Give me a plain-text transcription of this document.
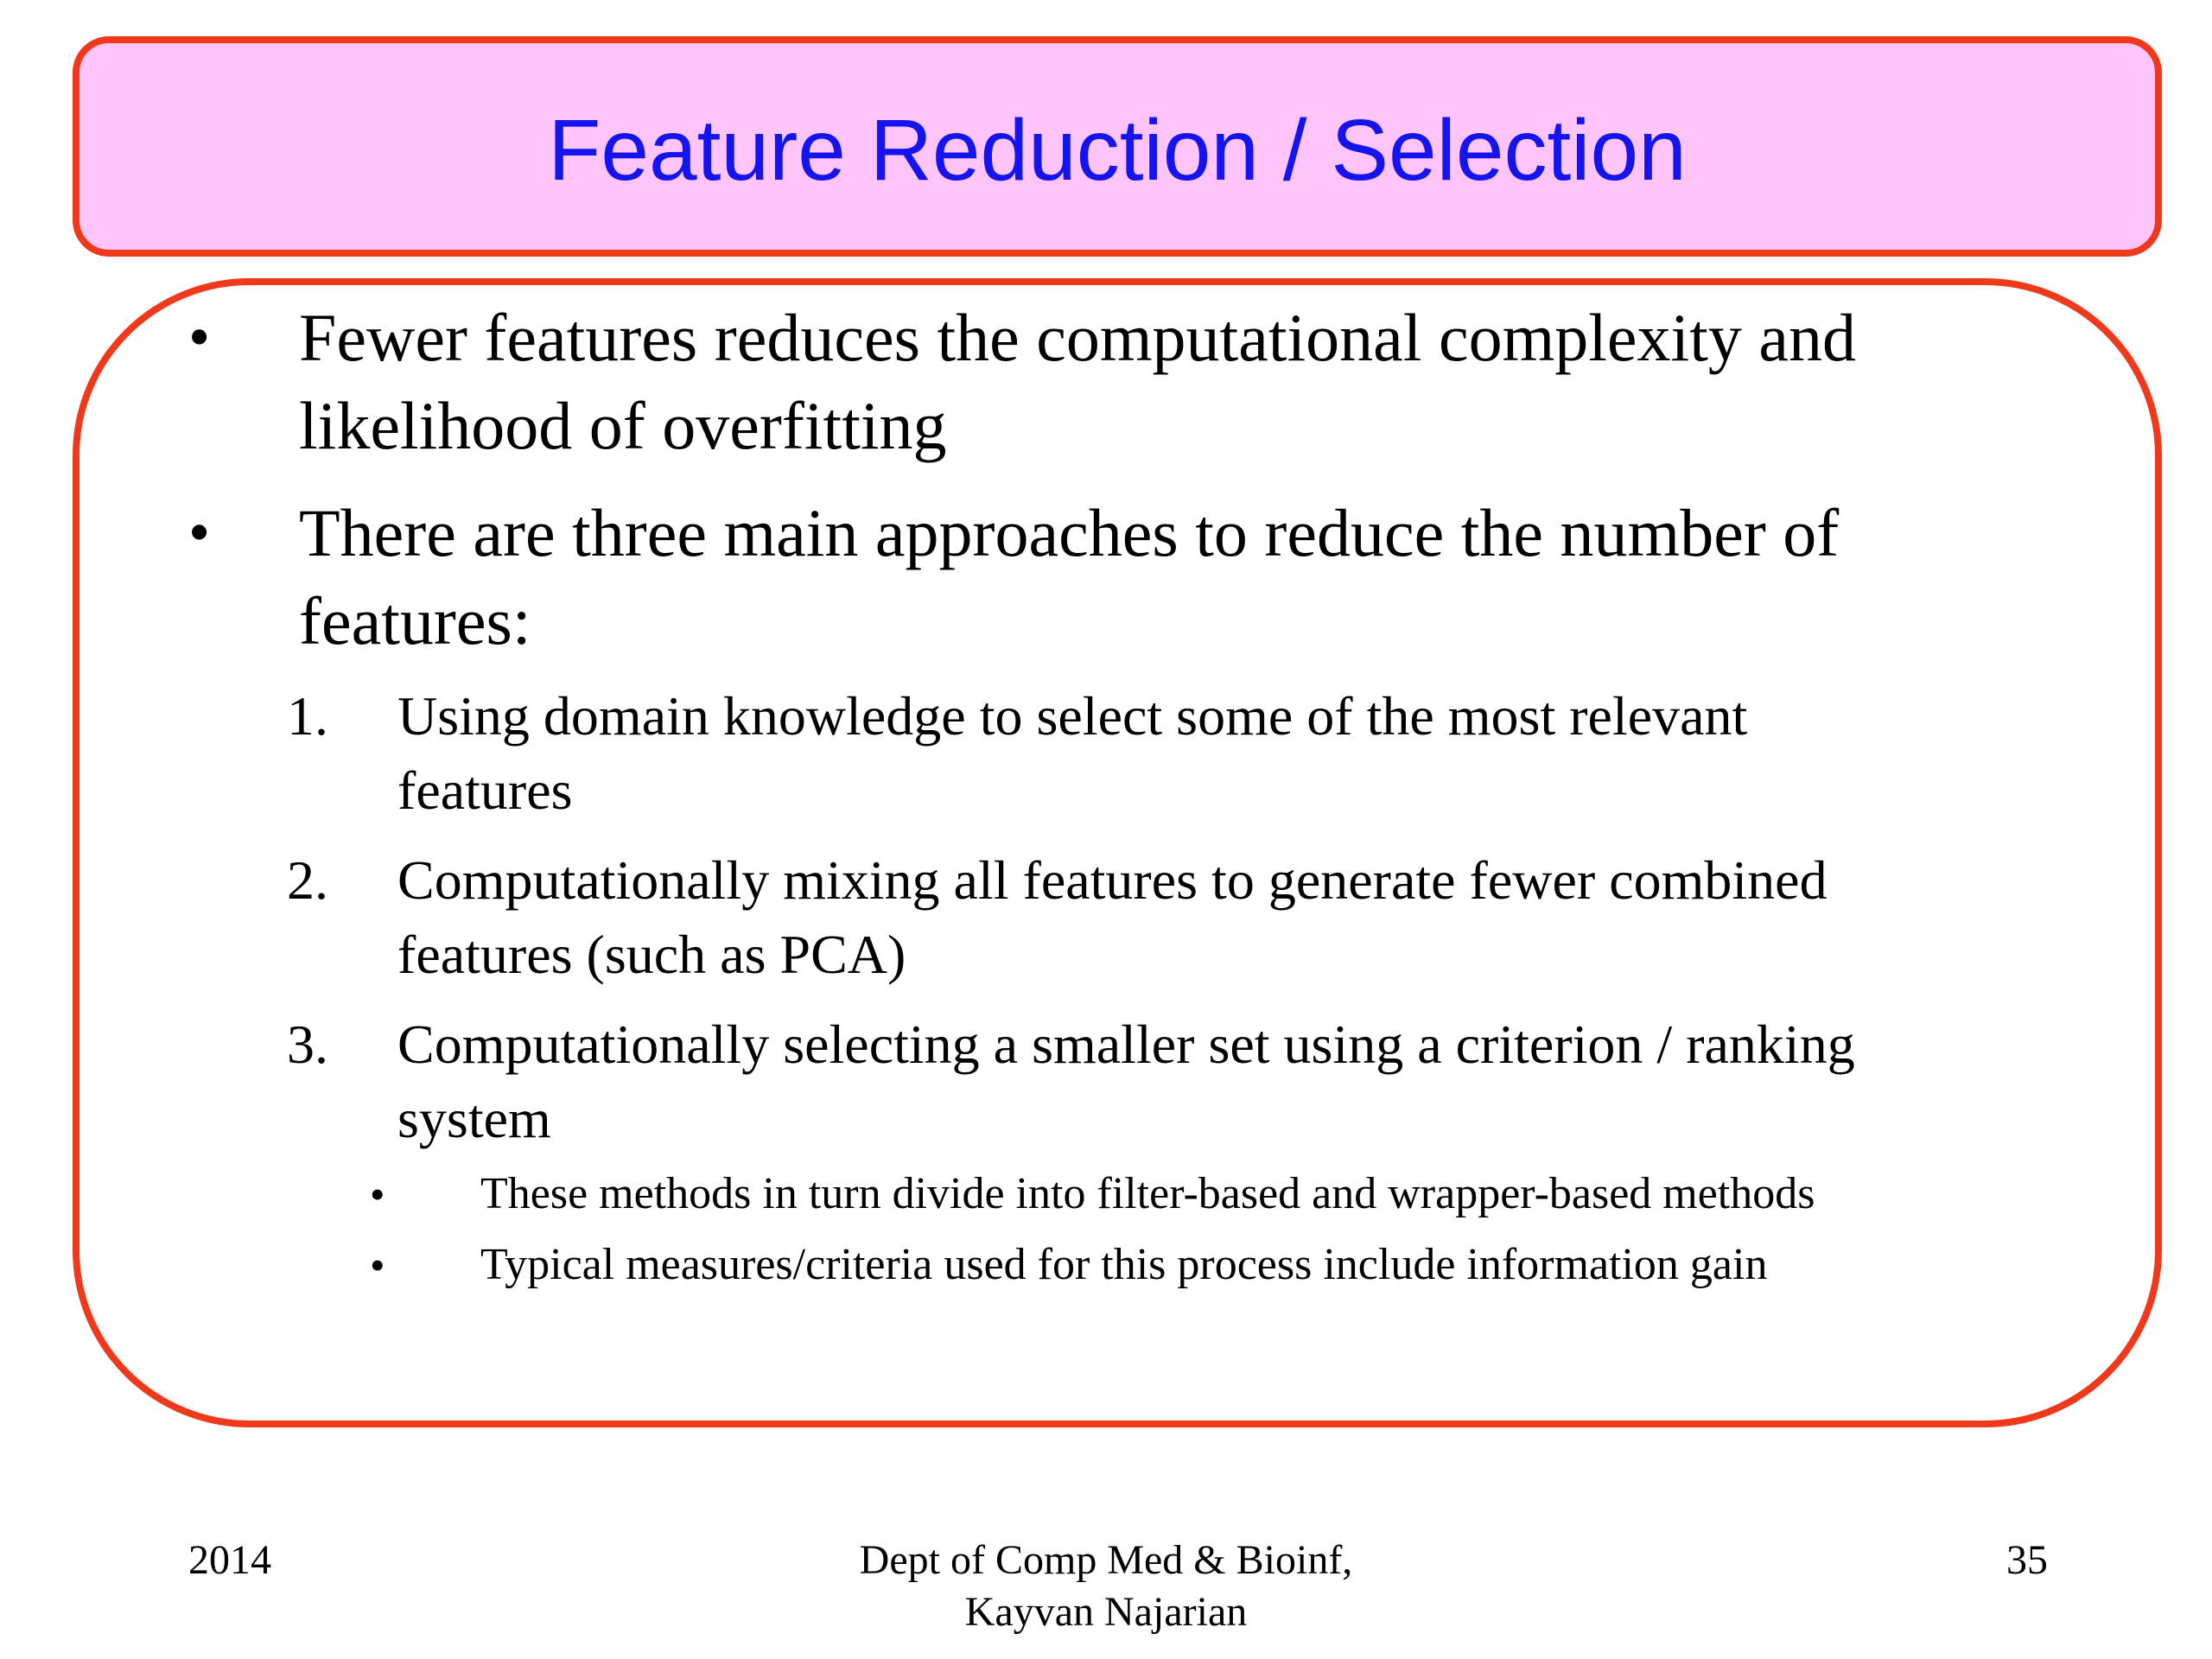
Feature Reduction / Selection
• Fewer features reduces the computational complexity and
likelihood of overfitting
• There are three main approaches to reduce the number of
features:
1. Using domain knowledge to select some of the most relevant
features
2. Computationally mixing all features to generate fewer combined
features (such as PCA)
3. Computationally selecting a smaller set using a criterion / ranking
system
• These methods in turn divide into filter-based and wrapper-based methods
• Typical measures/criteria used for this process include information gain
2014	Dept of Comp Med & Bioinf,
Kayvan Najarian
35
